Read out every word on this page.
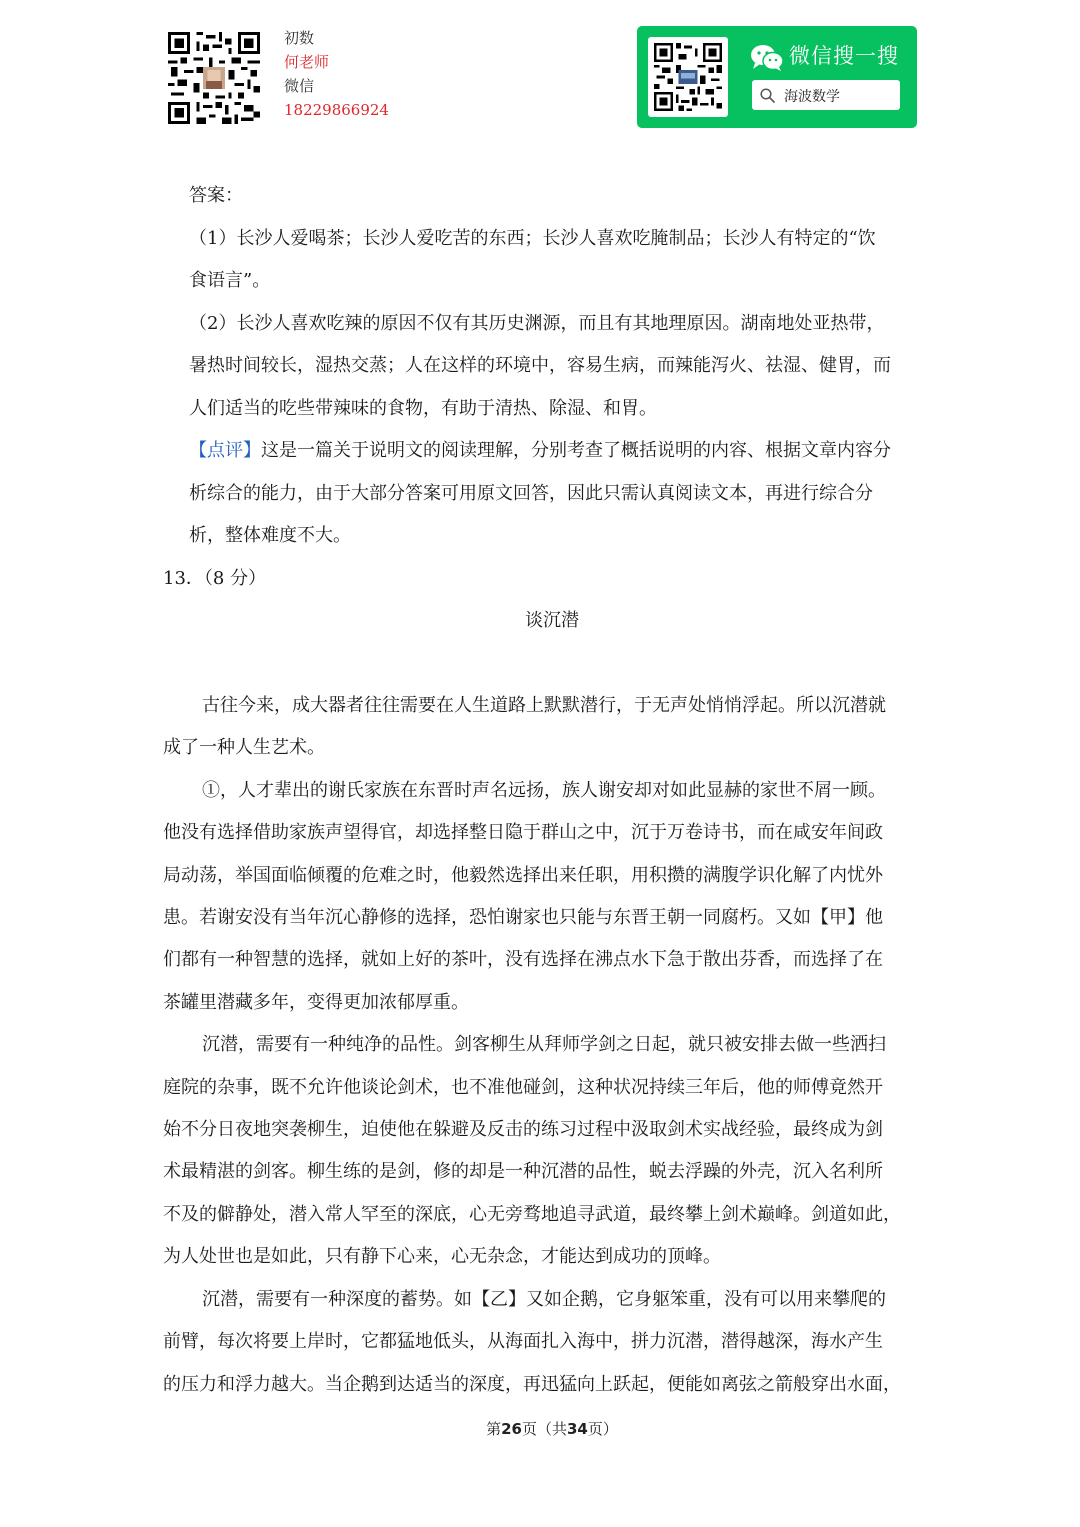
初数
何老师
微信
18229866924
微信搜一搜
海波数学
答案：
（1）长沙人爱喝茶；长沙人爱吃苦的东西；长沙人喜欢吃腌制品；长沙人有特定的“饮
食语言”。
（2）长沙人喜欢吃辣的原因不仅有其历史渊源，而且有其地理原因。湖南地处亚热带，
暑热时间较长，湿热交蒸；人在这样的环境中，容易生病，而辣能泻火、祛湿、健胃，而
人们适当的吃些带辣味的食物，有助于清热、除湿、和胃。
【点评】这是一篇关于说明文的阅读理解，分别考查了概括说明的内容、根据文章内容分
析综合的能力，由于大部分答案可用原文回答，因此只需认真阅读文本，再进行综合分
析，整体难度不大。
13．（8 分）
谈沉潜
古往今来，成大器者往往需要在人生道路上默默潜行，于无声处悄悄浮起。所以沉潜就
成了一种人生艺术。
①，人才辈出的谢氏家族在东晋时声名远扬，族人谢安却对如此显赫的家世不屑一顾。
他没有选择借助家族声望得官，却选择整日隐于群山之中，沉于万卷诗书，而在咸安年间政
局动荡，举国面临倾覆的危难之时，他毅然选择出来任职，用积攒的满腹学识化解了内忧外
患。若谢安没有当年沉心静修的选择，恐怕谢家也只能与东晋王朝一同腐朽。又如【甲】他
们都有一种智慧的选择，就如上好的茶叶，没有选择在沸点水下急于散出芬香，而选择了在
茶罐里潜藏多年，变得更加浓郁厚重。
沉潜，需要有一种纯净的品性。剑客柳生从拜师学剑之日起，就只被安排去做一些洒扫
庭院的杂事，既不允许他谈论剑术，也不准他碰剑，这种状况持续三年后，他的师傅竟然开
始不分日夜地突袭柳生，迫使他在躲避及反击的练习过程中汲取剑术实战经验，最终成为剑
术最精湛的剑客。柳生练的是剑，修的却是一种沉潜的品性，蜕去浮躁的外壳，沉入名利所
不及的僻静处，潜入常人罕至的深底，心无旁骛地追寻武道，最终攀上剑术巅峰。剑道如此，
为人处世也是如此，只有静下心来，心无杂念，才能达到成功的顶峰。
沉潜，需要有一种深度的蓄势。如【乙】又如企鹅，它身躯笨重，没有可以用来攀爬的
前臂，每次将要上岸时，它都猛地低头，从海面扎入海中，拼力沉潜，潜得越深，海水产生
的压力和浮力越大。当企鹅到达适当的深度，再迅猛向上跃起，便能如离弦之箭般穿出水面，
第26页（共34页）
